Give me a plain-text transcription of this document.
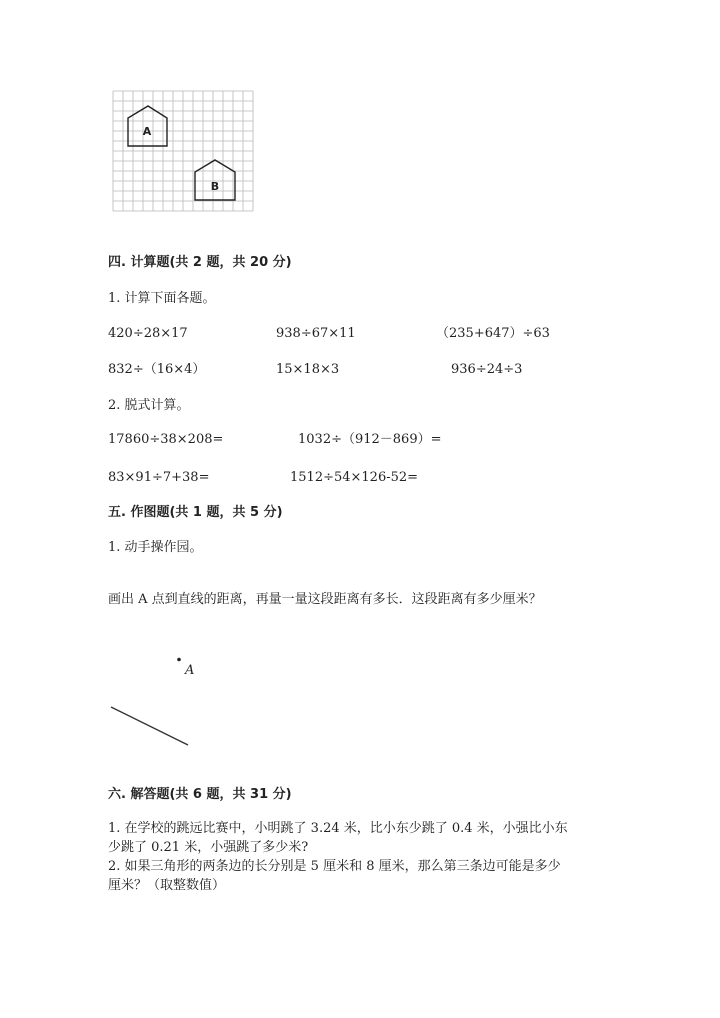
A
B
四. 计算题(共 2 题，共 20 分)
1. 计算下面各题。
420÷28×17	938÷67×11	（235+647）÷63
832÷（16×4）	15×18×3	936÷24÷3
2. 脱式计算。
17860÷38×208=	1032÷（912－869）=
83×91÷7+38=	1512÷54×126-52=
五. 作图题(共 1 题，共 5 分)
1. 动手操作园。
画出 A 点到直线的距离，再量一量这段距离有多长．这段距离有多少厘米？
A
六. 解答题(共 6 题，共 31 分)
1. 在学校的跳远比赛中，小明跳了 3.24 米，比小东少跳了 0.4 米，小强比小东
少跳了 0.21 米，小强跳了多少米?
2. 如果三角形的两条边的长分别是 5 厘米和 8 厘米，那么第三条边可能是多少
厘米？（取整数值）
